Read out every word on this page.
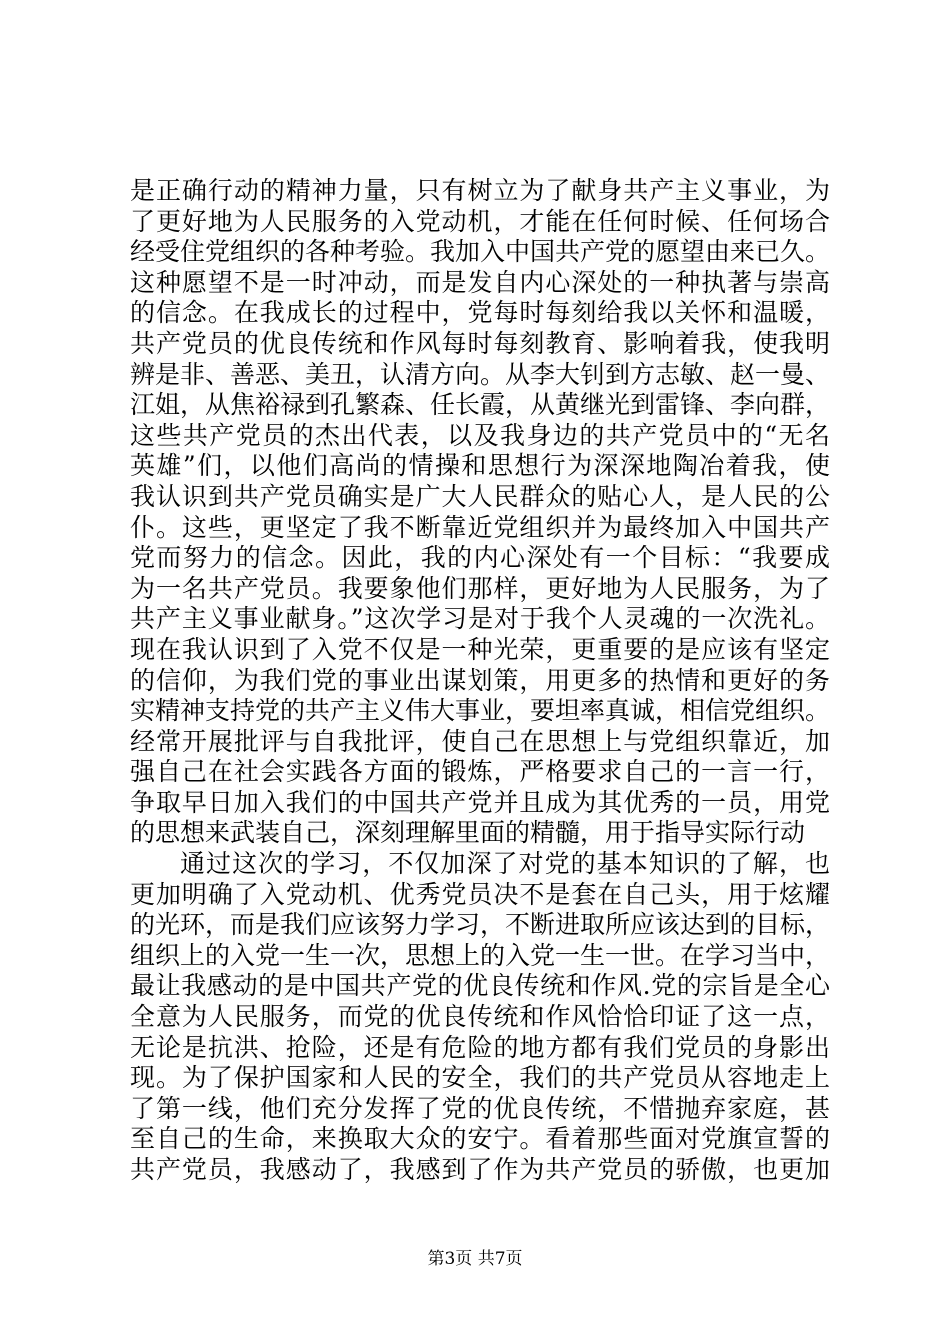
是正确行动的精神力量，只有树立为了献身共产主义事业，为
了更好地为人民服务的入党动机，才能在任何时候、任何场合
经受住党组织的各种考验。我加入中国共产党的愿望由来已久。
这种愿望不是一时冲动，而是发自内心深处的一种执著与崇高
的信念。在我成长的过程中，党每时每刻给我以关怀和温暖，
共产党员的优良传统和作风每时每刻教育、影响着我，使我明
辨是非、善恶、美丑，认清方向。从李大钊到方志敏、赵一曼、
江姐，从焦裕禄到孔繁森、任长霞，从黄继光到雷锋、李向群，
这些共产党员的杰出代表，以及我身边的共产党员中的“无名
英雄”们，以他们高尚的情操和思想行为深深地陶冶着我，使
我认识到共产党员确实是广大人民群众的贴心人，是人民的公
仆。这些，更坚定了我不断靠近党组织并为最终加入中国共产
党而努力的信念。因此，我的内心深处有一个目标：“我要成
为一名共产党员。我要象他们那样，更好地为人民服务，为了
共产主义事业献身。”这次学习是对于我个人灵魂的一次洗礼。
现在我认识到了入党不仅是一种光荣，更重要的是应该有坚定
的信仰，为我们党的事业出谋划策，用更多的热情和更好的务
实精神支持党的共产主义伟大事业，要坦率真诚，相信党组织。
经常开展批评与自我批评，使自己在思想上与党组织靠近，加
强自己在社会实践各方面的锻炼，严格要求自己的一言一行，
争取早日加入我们的中国共产党并且成为其优秀的一员，用党
的思想来武装自己，深刻理解里面的精髓，用于指导实际行动
通过这次的学习，不仅加深了对党的基本知识的了解，也
更加明确了入党动机、优秀党员决不是套在自己头，用于炫耀
的光环，而是我们应该努力学习，不断进取所应该达到的目标，
组织上的入党一生一次，思想上的入党一生一世。在学习当中，
最让我感动的是中国共产党的优良传统和作风.党的宗旨是全心
全意为人民服务，而党的优良传统和作风恰恰印证了这一点，
无论是抗洪、抢险，还是有危险的地方都有我们党员的身影出
现。为了保护国家和人民的安全，我们的共产党员从容地走上
了第一线，他们充分发挥了党的优良传统，不惜抛弃家庭，甚
至自己的生命，来换取大众的安宁。看着那些面对党旗宣誓的
共产党员，我感动了，我感到了作为共产党员的骄傲，也更加
第3页 共7页
